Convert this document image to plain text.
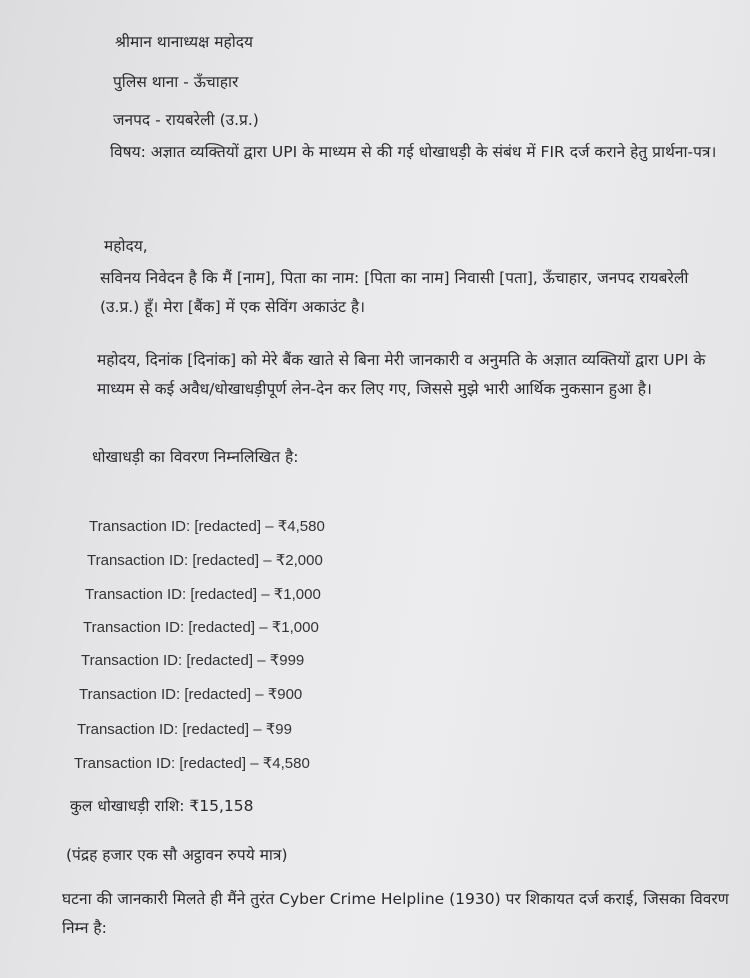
श्रीमान थानाध्यक्ष महोदय
पुलिस थाना - ऊँचाहार
जनपद - रायबरेली (उ.प्र.)
विषय: अज्ञात व्यक्तियों द्वारा UPI के माध्यम से की गई धोखाधड़ी के संबंध में FIR दर्ज कराने हेतु प्रार्थना-पत्र।
महोदय,
सविनय निवेदन है कि मैं [नाम], पिता का नाम: [पिता का नाम] निवासी [पता], ऊँचाहार, जनपद रायबरेली (उ.प्र.) हूँ। मेरा [बैंक] में एक सेविंग अकाउंट है।
महोदय, दिनांक [दिनांक] को मेरे बैंक खाते से बिना मेरी जानकारी व अनुमति के अज्ञात व्यक्तियों द्वारा UPI के माध्यम से कई अवैध/धोखाधड़ीपूर्ण लेन-देन कर लिए गए, जिससे मुझे भारी आर्थिक नुकसान हुआ है।
धोखाधड़ी का विवरण निम्नलिखित है:
Transaction ID: [redacted] – ₹4,580
Transaction ID: [redacted] – ₹2,000
Transaction ID: [redacted] – ₹1,000
Transaction ID: [redacted] – ₹1,000
Transaction ID: [redacted] – ₹999
Transaction ID: [redacted] – ₹900
Transaction ID: [redacted] – ₹99
Transaction ID: [redacted] – ₹4,580
कुल धोखाधड़ी राशि: ₹15,158
(पंद्रह हजार एक सौ अट्ठावन रुपये मात्र)
घटना की जानकारी मिलते ही मैंने तुरंत Cyber Crime Helpline (1930) पर शिकायत दर्ज कराई, जिसका विवरण निम्न है:
